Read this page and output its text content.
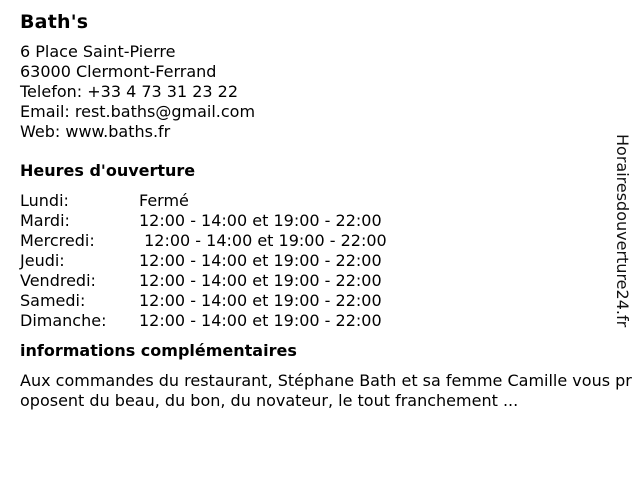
Bath's
6 Place Saint-Pierre
63000 Clermont-Ferrand
Telefon: +33 4 73 31 23 22
Email: rest.baths@gmail.com
Web: www.baths.fr
Heures d'ouverture
Lundi:	Fermé
Mardi:	12:00 - 14:00 et 19:00 - 22:00
Mercredi:	12:00 - 14:00 et 19:00 - 22:00
Jeudi:	12:00 - 14:00 et 19:00 - 22:00
Vendredi:	12:00 - 14:00 et 19:00 - 22:00
Samedi:	12:00 - 14:00 et 19:00 - 22:00
Dimanche:	12:00 - 14:00 et 19:00 - 22:00
informations complémentaires

Aux commandes du restaurant, Stéphane Bath et sa femme Camille vous proposent du beau, du bon, du novateur, le tout franchement ...

Horairesdouverture24.fr
